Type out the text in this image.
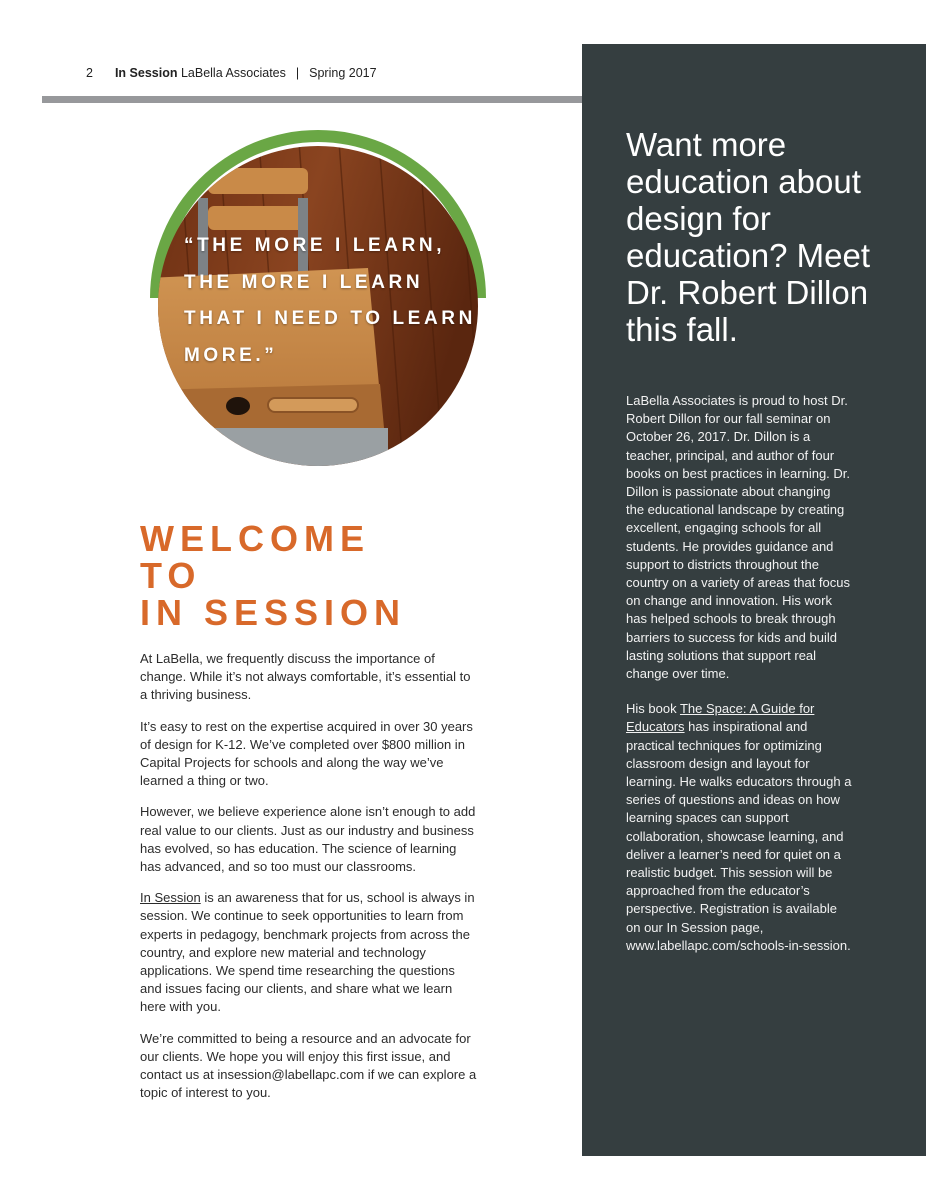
2 In Session LaBella Associates | Spring 2017

“THE MORE I LEARN, THE MORE I LEARN THAT I NEED TO LEARN MORE.”

WELCOME
TO
IN SESSION

At LaBella, we frequently discuss the importance of change. While it’s not always comfortable, it’s essential to a thriving business.

It’s easy to rest on the expertise acquired in over 30 years of design for K-12. We’ve completed over $800 million in Capital Projects for schools and along the way we’ve learned a thing or two.

However, we believe experience alone isn’t enough to add real value to our clients. Just as our industry and business has evolved, so has education. The science of learning has advanced, and so too must our classrooms.

In Session is an awareness that for us, school is always in session. We continue to seek opportunities to learn from experts in pedagogy, benchmark projects from across the country, and explore new material and technology applications. We spend time researching the questions and issues facing our clients, and share what we learn here with you.

We’re committed to being a resource and an advocate for our clients. We hope you will enjoy this first issue, and contact us at insession@labellapc.com if we can explore a topic of interest to you.

Want more education about design for education? Meet Dr. Robert Dillon this fall.

LaBella Associates is proud to host Dr. Robert Dillon for our fall seminar on October 26, 2017. Dr. Dillon is a teacher, principal, and author of four books on best practices in learning. Dr. Dillon is passionate about changing the educational landscape by creating excellent, engaging schools for all students. He provides guidance and support to districts throughout the country on a variety of areas that focus on change and innovation. His work has helped schools to break through barriers to success for kids and build lasting solutions that support real change over time.

His book The Space: A Guide for Educators has inspirational and practical techniques for optimizing classroom design and layout for learning. He walks educators through a series of questions and ideas on how learning spaces can support collaboration, showcase learning, and deliver a learner’s need for quiet on a realistic budget. This session will be approached from the educator’s perspective. Registration is available on our In Session page, www.labellapc.com/schools-in-session.
